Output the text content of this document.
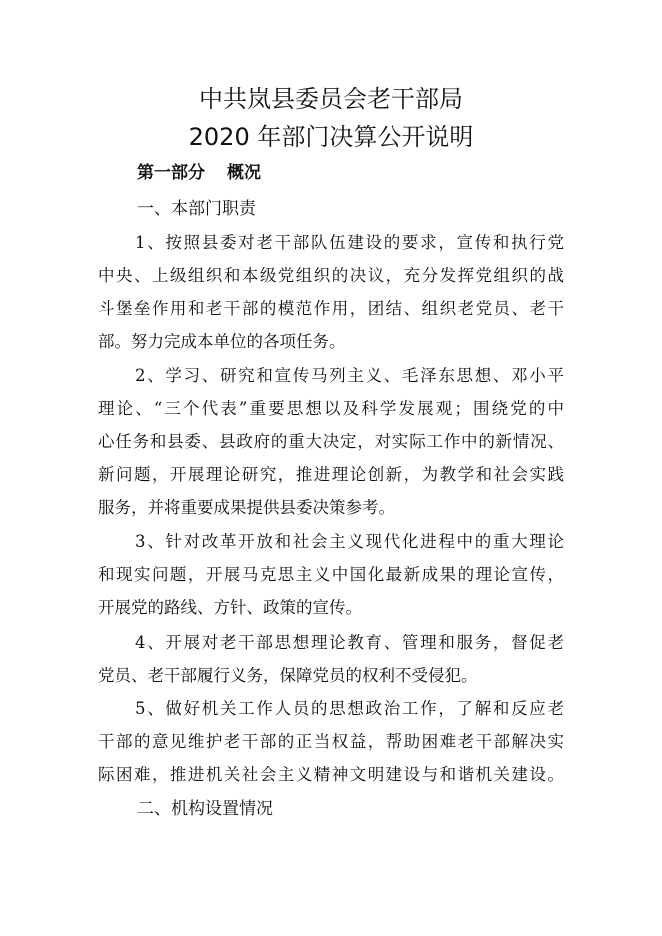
中共岚县委员会老干部局
2020 年部门决算公开说明
第一部分 概况
一、本部门职责
1、按照县委对老干部队伍建设的要求，宣传和执行党
中央、上级组织和本级党组织的决议，充分发挥党组织的战
斗堡垒作用和老干部的模范作用，团结、组织老党员、老干
部。努力完成本单位的各项任务。
2、学习、研究和宣传马列主义、毛泽东思想、邓小平
理论、“三个代表”重要思想以及科学发展观；围绕党的中
心任务和县委、县政府的重大决定，对实际工作中的新情况、
新问题，开展理论研究，推进理论创新，为教学和社会实践
服务，并将重要成果提供县委决策参考。
3、针对改革开放和社会主义现代化进程中的重大理论
和现实问题，开展马克思主义中国化最新成果的理论宣传，
开展党的路线、方针、政策的宣传。
4、开展对老干部思想理论教育、管理和服务，督促老
党员、老干部履行义务，保障党员的权利不受侵犯。
5、做好机关工作人员的思想政治工作，了解和反应老
干部的意见维护老干部的正当权益，帮助困难老干部解决实
际困难，推进机关社会主义精神文明建设与和谐机关建设。
二、机构设置情况
